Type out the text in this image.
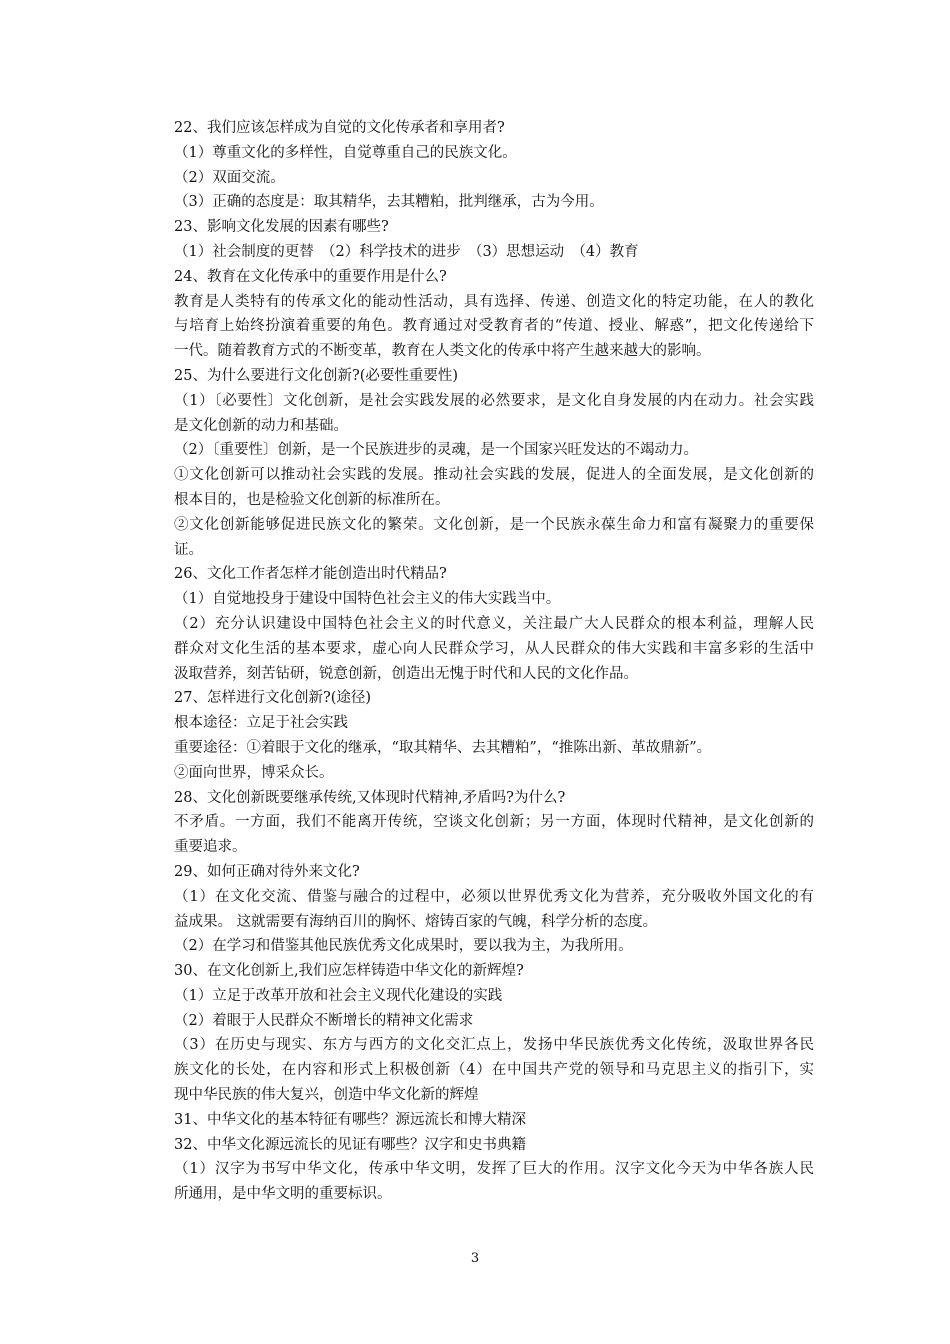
22、我们应该怎样成为自觉的文化传承者和享用者?
（1）尊重文化的多样性，自觉尊重自己的民族文化。
（2）双面交流。
（3）正确的态度是：取其精华，去其糟粕，批判继承，古为今用。
23、影响文化发展的因素有哪些?
（1）社会制度的更替　（2）科学技术的进步　（3）思想运动　（4）教育
24、教育在文化传承中的重要作用是什么?
教育是人类特有的传承文化的能动性活动，具有选择、传递、创造文化的特定功能，在人的教化
与培育上始终扮演着重要的角色。教育通过对受教育者的“传道、授业、解惑”，把文化传递给下
一代。随着教育方式的不断变革，教育在人类文化的传承中将产生越来越大的影响。
25、为什么要进行文化创新?(必要性重要性)
（1）〔必要性〕文化创新，是社会实践发展的必然要求，是文化自身发展的内在动力。社会实践
是文化创新的动力和基础。
（2）〔重要性〕创新，是一个民族进步的灵魂，是一个国家兴旺发达的不竭动力。
①文化创新可以推动社会实践的发展。推动社会实践的发展，促进人的全面发展，是文化创新的
根本目的，也是检验文化创新的标准所在。
②文化创新能够促进民族文化的繁荣。文化创新，是一个民族永葆生命力和富有凝聚力的重要保
证。
26、文化工作者怎样才能创造出时代精品?
（1）自觉地投身于建设中国特色社会主义的伟大实践当中。
（2）充分认识建设中国特色社会主义的时代意义，关注最广大人民群众的根本利益，理解人民
群众对文化生活的基本要求，虚心向人民群众学习，从人民群众的伟大实践和丰富多彩的生活中
汲取营养，刻苦钻研，锐意创新，创造出无愧于时代和人民的文化作品。
27、怎样进行文化创新?(途径)
根本途径：立足于社会实践
重要途径：①着眼于文化的继承，“取其精华、去其糟粕”，“推陈出新、革故鼎新”。
②面向世界，博采众长。
28、文化创新既要继承传统,又体现时代精神,矛盾吗?为什么?
不矛盾。一方面，我们不能离开传统，空谈文化创新；另一方面，体现时代精神，是文化创新的
重要追求。
29、如何正确对待外来文化?
（1）在文化交流、借鉴与融合的过程中，必须以世界优秀文化为营养，充分吸收外国文化的有
益成果。 这就需要有海纳百川的胸怀、熔铸百家的气魄，科学分析的态度。
（2）在学习和借鉴其他民族优秀文化成果时，要以我为主，为我所用。
30、在文化创新上,我们应怎样铸造中华文化的新辉煌?
（1）立足于改革开放和社会主义现代化建设的实践
（2）着眼于人民群众不断增长的精神文化需求
（3）在历史与现实、东方与西方的文化交汇点上，发扬中华民族优秀文化传统，汲取世界各民
族文化的长处，在内容和形式上积极创新（4）在中国共产党的领导和马克思主义的指引下，实
现中华民族的伟大复兴，创造中华文化新的辉煌
31、中华文化的基本特征有哪些？源远流长和博大精深
32、中华文化源远流长的见证有哪些？汉字和史书典籍
（1）汉字为书写中华文化，传承中华文明，发挥了巨大的作用。汉字文化今天为中华各族人民
所通用，是中华文明的重要标识。
3
